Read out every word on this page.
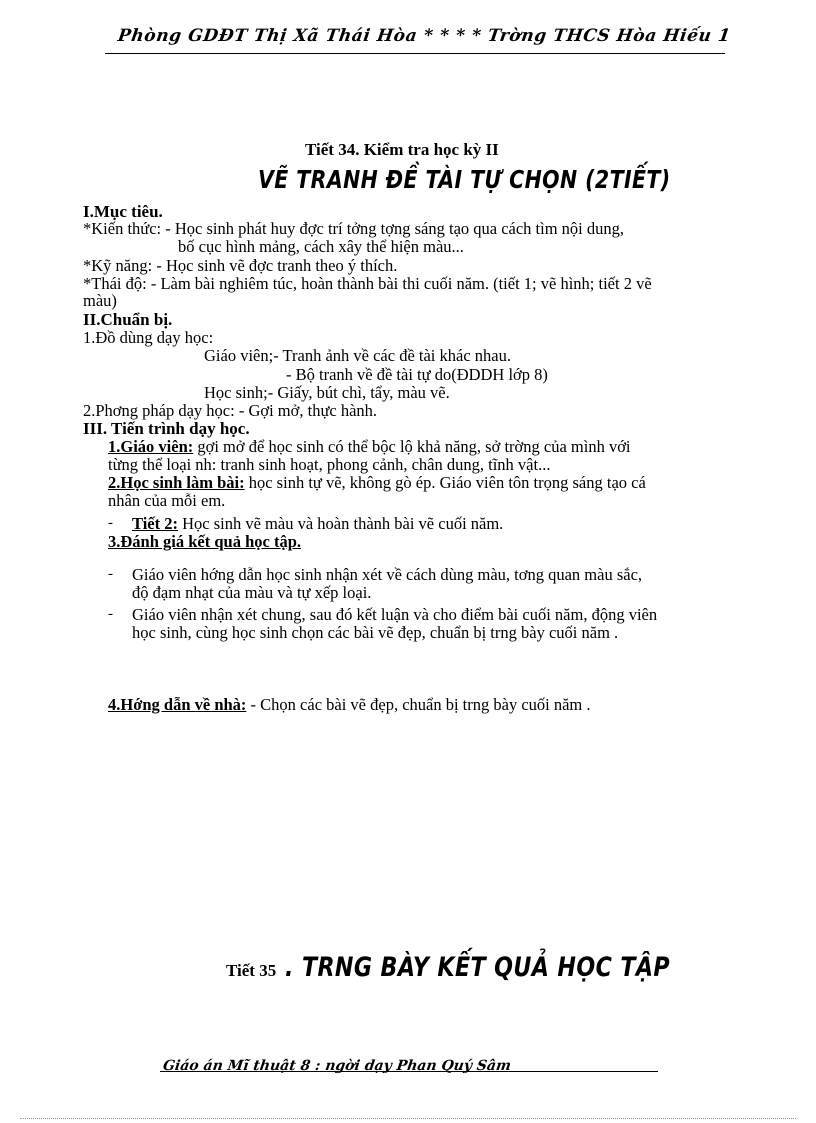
Phòng GDĐT Thị Xã Thái Hòa * * * * Trờng THCS Hòa Hiếu 1
Tiết 34. Kiểm tra học kỳ II
VẼ TRANH ĐỀ TÀI TỰ CHỌN (2TIẾT)
I.Mục tiêu.
*Kiến thức: - Học sinh phát huy đợc trí tởng tợng sáng tạo qua cách tìm nội dung,
bố cục hình mảng, cách xây thể hiện màu...
*Kỹ năng: - Học sinh vẽ đợc tranh theo ý thích.
*Thái độ: - Làm bài nghiêm túc, hoàn thành bài thi cuối năm. (tiết 1; vẽ hình; tiết 2 vẽ
màu)
II.Chuẩn bị.
1.Đồ dùng dạy học:
Giáo viên;- Tranh ảnh về các đề tài khác nhau.
- Bộ tranh về đề tài tự do(ĐDDH lớp 8)
Học sinh;- Giấy, bút chì, tẩy, màu vẽ.
2.Phơng pháp dạy học: - Gợi mở, thực hành.
III. Tiến trình dạy học.
1.Giáo viên: gợi mở để học sinh có thể bộc lộ khả năng, sở trờng của mình với
từng thể loại nh: tranh sinh hoạt, phong cảnh, chân dung, tĩnh vật...
2.Học sinh làm bài: học sinh tự vẽ, không gò ép. Giáo viên tôn trọng sáng tạo cá
nhân của mỗi em.
- Tiết 2: Học sinh vẽ màu và hoàn thành bài vẽ cuối năm.
3.Đánh giá kết quả học tập.
- Giáo viên hớng dẫn học sinh nhận xét về cách dùng màu, tơng quan màu sắc,
độ đạm nhạt của màu và tự xếp loại.
- Giáo viên nhận xét chung, sau đó kết luận và cho điểm bài cuối năm, động viên
học sinh, cùng học sinh chọn các bài vẽ đẹp, chuẩn bị trng bày cuối năm .
4.Hớng dẫn về nhà: - Chọn các bài vẽ đẹp, chuẩn bị trng bày cuối năm .
Tiết 35 . TRNG BÀY KẾT QUẢ HỌC TẬP
Giáo án Mĩ thuật 8 : ngời dạy Phan Quý Sâm
